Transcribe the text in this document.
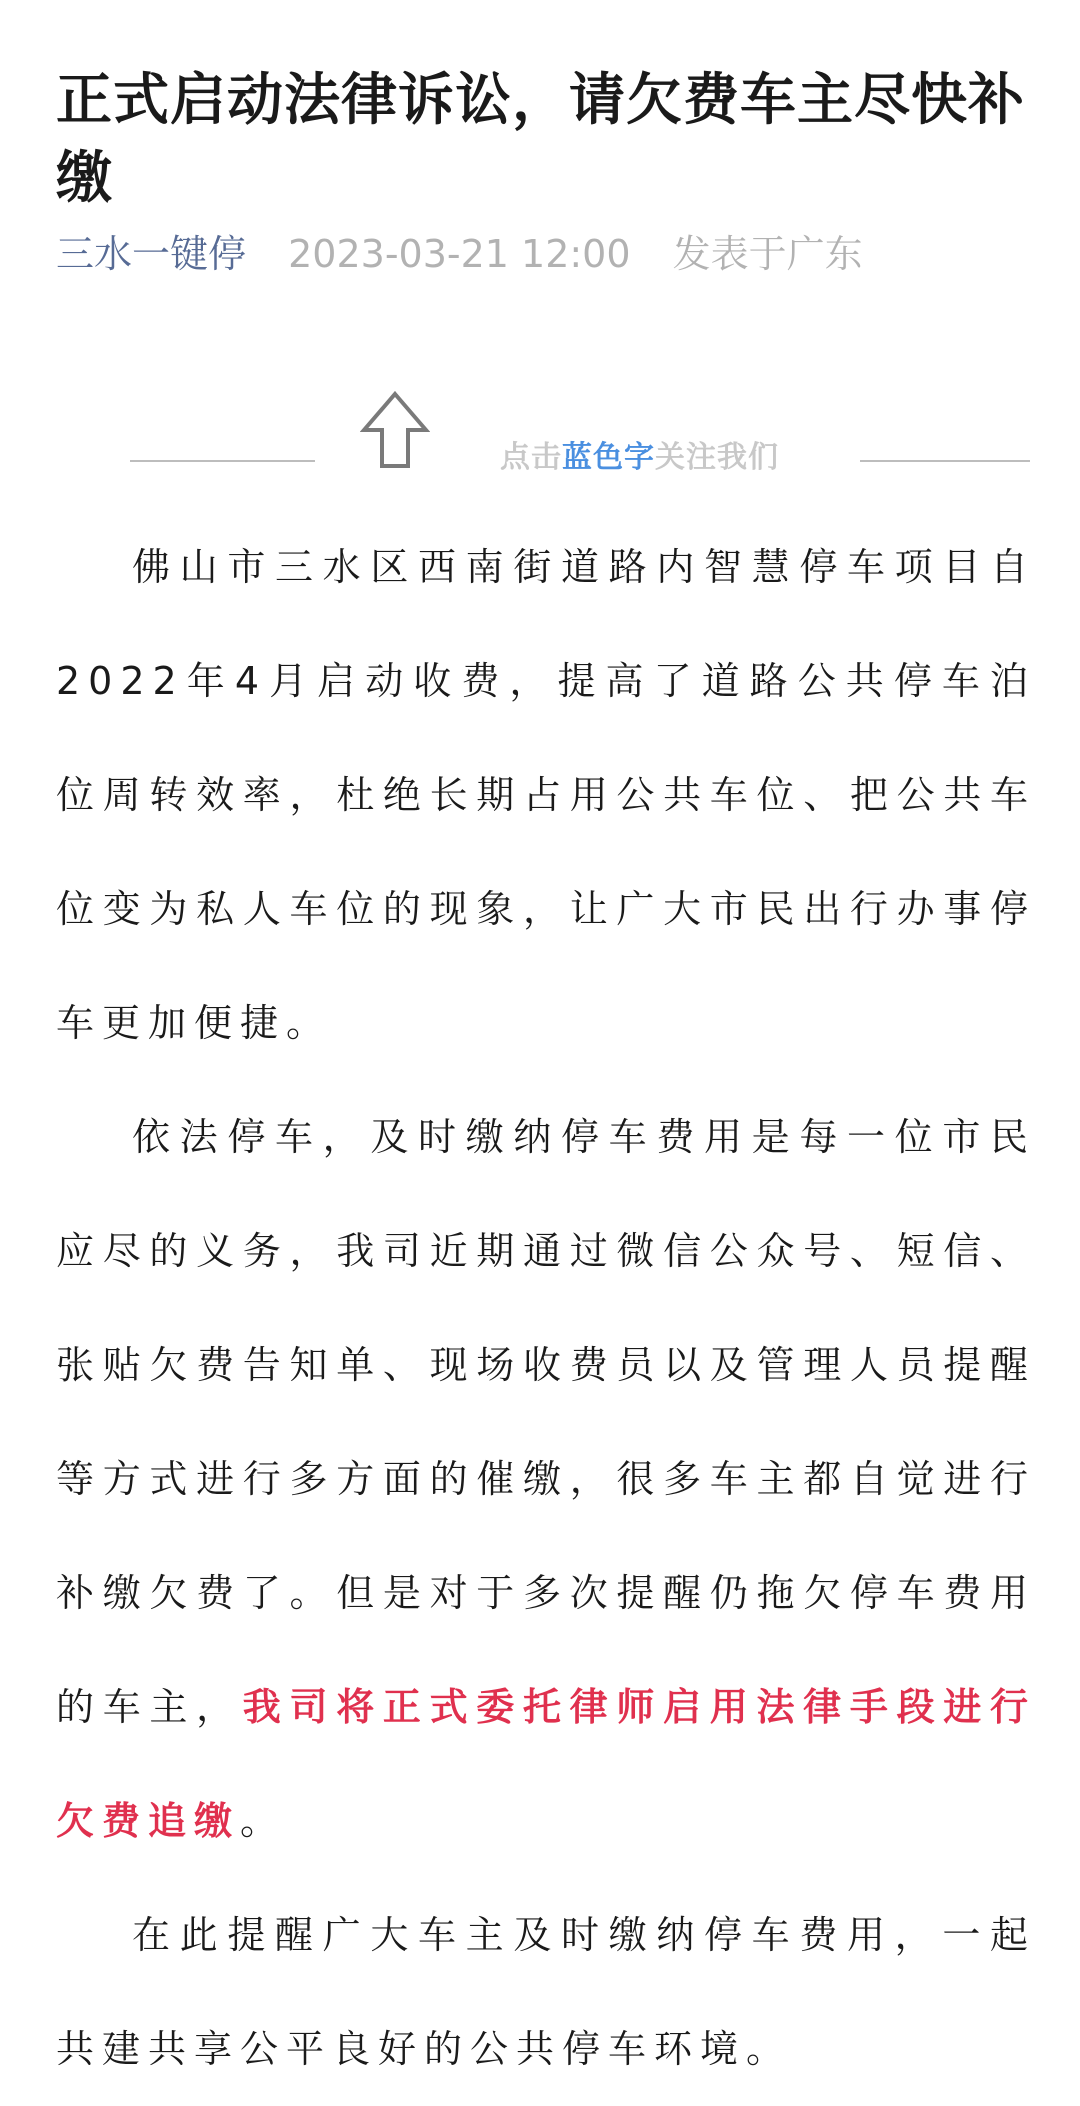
正式启动法律诉讼，请欠费车主尽快补缴
三水一键停 2023-03-21 12:00 发表于广东
点击蓝色字关注我们

佛山市三水区西南街道路内智慧停车项目自2022年4月启动收费，提高了道路公共停车泊位周转效率，杜绝长期占用公共车位、把公共车位变为私人车位的现象，让广大市民出行办事停车更加便捷。

依法停车，及时缴纳停车费用是每一位市民应尽的义务，我司近期通过微信公众号、短信、张贴欠费告知单、现场收费员以及管理人员提醒等方式进行多方面的催缴，很多车主都自觉进行补缴欠费了。但是对于多次提醒仍拖欠停车费用的车主，我司将正式委托律师启用法律手段进行欠费追缴。

在此提醒广大车主及时缴纳停车费用，一起共建共享公平良好的公共停车环境。
